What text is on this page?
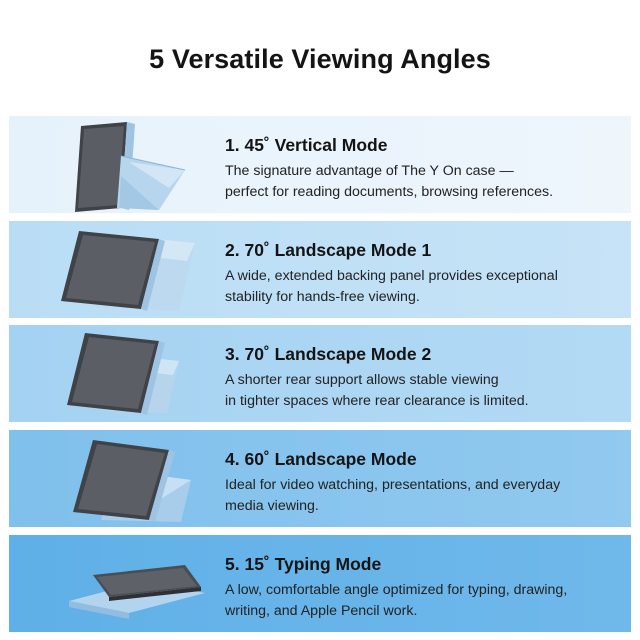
5 Versatile Viewing Angles
1. 45˚ Vertical Mode
The signature advantage of The Y On case —
perfect for reading documents, browsing references.
2. 70˚ Landscape Mode 1
A wide, extended backing panel provides exceptional
stability for hands-free viewing.
3. 70˚ Landscape Mode 2
A shorter rear support allows stable viewing
in tighter spaces where rear clearance is limited.
4. 60˚ Landscape Mode
Ideal for video watching, presentations, and everyday
media viewing.
5. 15˚ Typing Mode
A low, comfortable angle optimized for typing, drawing,
writing, and Apple Pencil work.
